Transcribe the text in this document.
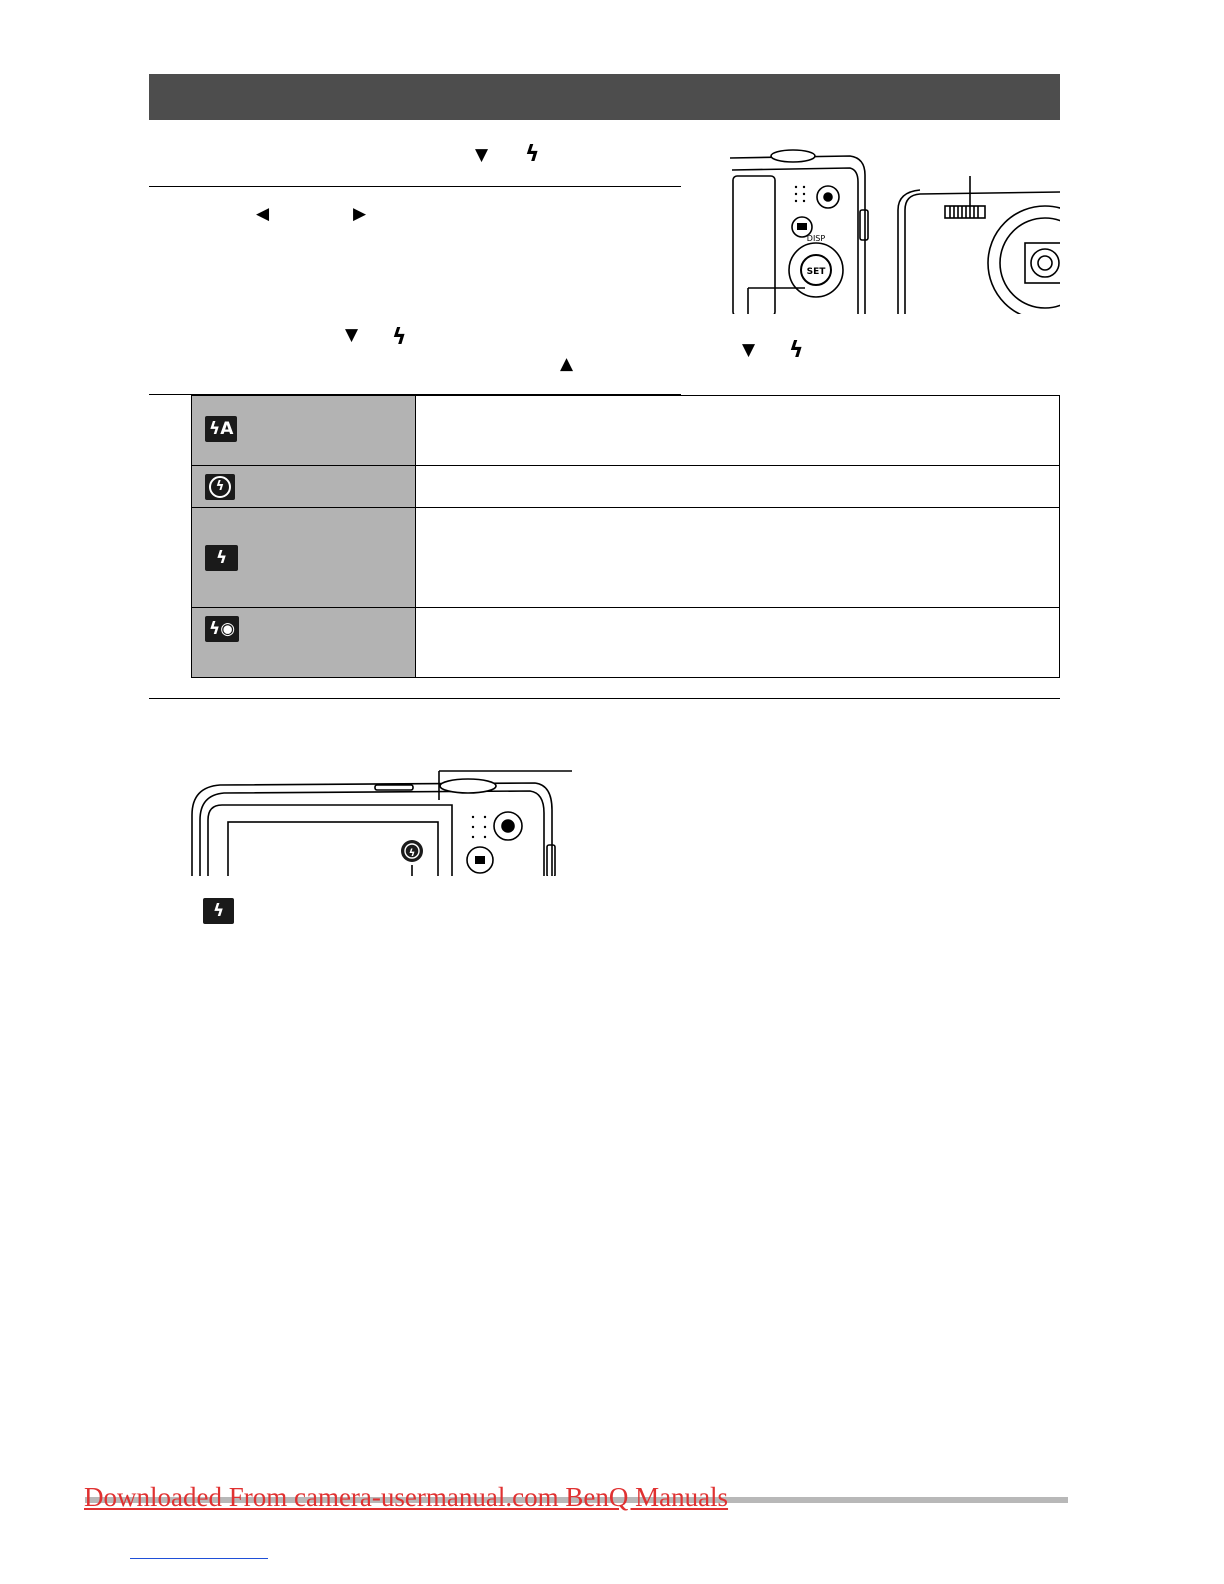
▼ ϟ
◀	▶
▼ ϟ
▲
SET
DISP
▼ ϟ
ϟA	

ϟ	

ϟ	

ϟ◉	

ϟ
ϟ
Downloaded From camera-usermanual.com BenQ Manuals
